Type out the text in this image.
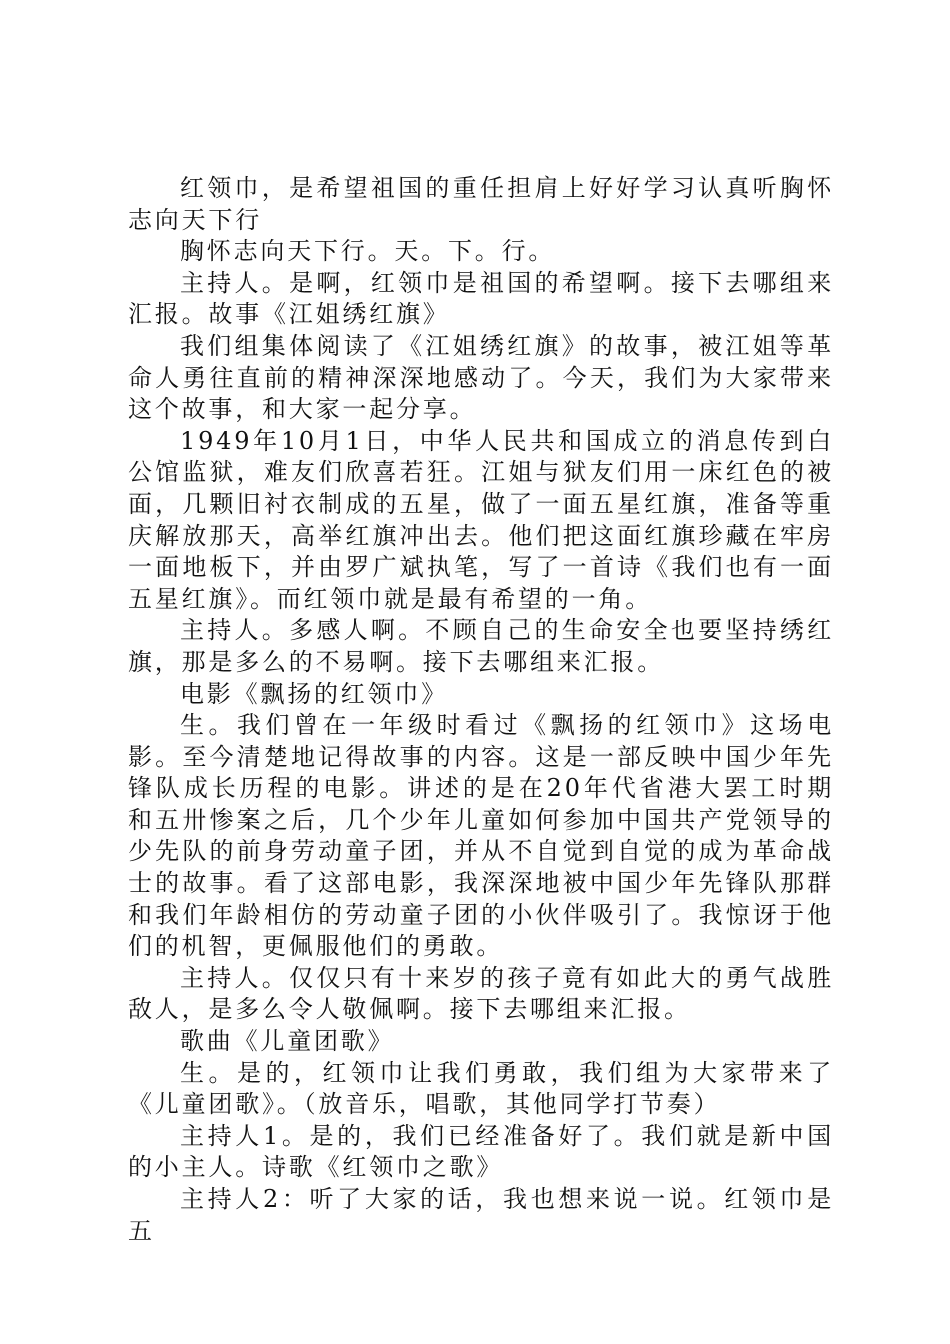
红领巾，是希望祖国的重任担肩上好好学习认真听胸怀志向天下行

胸怀志向天下行。天。下。行。

主持人。是啊，红领巾是祖国的希望啊。接下去哪组来汇报。故事《江姐绣红旗》

我们组集体阅读了《江姐绣红旗》的故事，被江姐等革命人勇往直前的精神深深地感动了。今天，我们为大家带来这个故事，和大家一起分享。

1949年10月1日，中华人民共和国成立的消息传到白公馆监狱，难友们欣喜若狂。江姐与狱友们用一床红色的被面，几颗旧衬衣制成的五星，做了一面五星红旗，准备等重庆解放那天，高举红旗冲出去。他们把这面红旗珍藏在牢房一面地板下，并由罗广斌执笔，写了一首诗《我们也有一面五星红旗》。而红领巾就是最有希望的一角。

主持人。多感人啊。不顾自己的生命安全也要坚持绣红旗，那是多么的不易啊。接下去哪组来汇报。

电影《飘扬的红领巾》

生。我们曾在一年级时看过《飘扬的红领巾》这场电影。至今清楚地记得故事的内容。这是一部反映中国少年先锋队成长历程的电影。讲述的是在20年代省港大罢工时期和五卅惨案之后，几个少年儿童如何参加中国共产党领导的少先队的前身劳动童子团，并从不自觉到自觉的成为革命战士的故事。看了这部电影，我深深地被中国少年先锋队那群和我们年龄相仿的劳动童子团的小伙伴吸引了。我惊讶于他们的机智，更佩服他们的勇敢。

主持人。仅仅只有十来岁的孩子竟有如此大的勇气战胜敌人，是多么令人敬佩啊。接下去哪组来汇报。

歌曲《儿童团歌》

生。是的，红领巾让我们勇敢，我们组为大家带来了《儿童团歌》。（放音乐，唱歌，其他同学打节奏）

主持人1。是的，我们已经准备好了。我们就是新中国的小主人。诗歌《红领巾之歌》

主持人2：听了大家的话，我也想来说一说。红领巾是五
